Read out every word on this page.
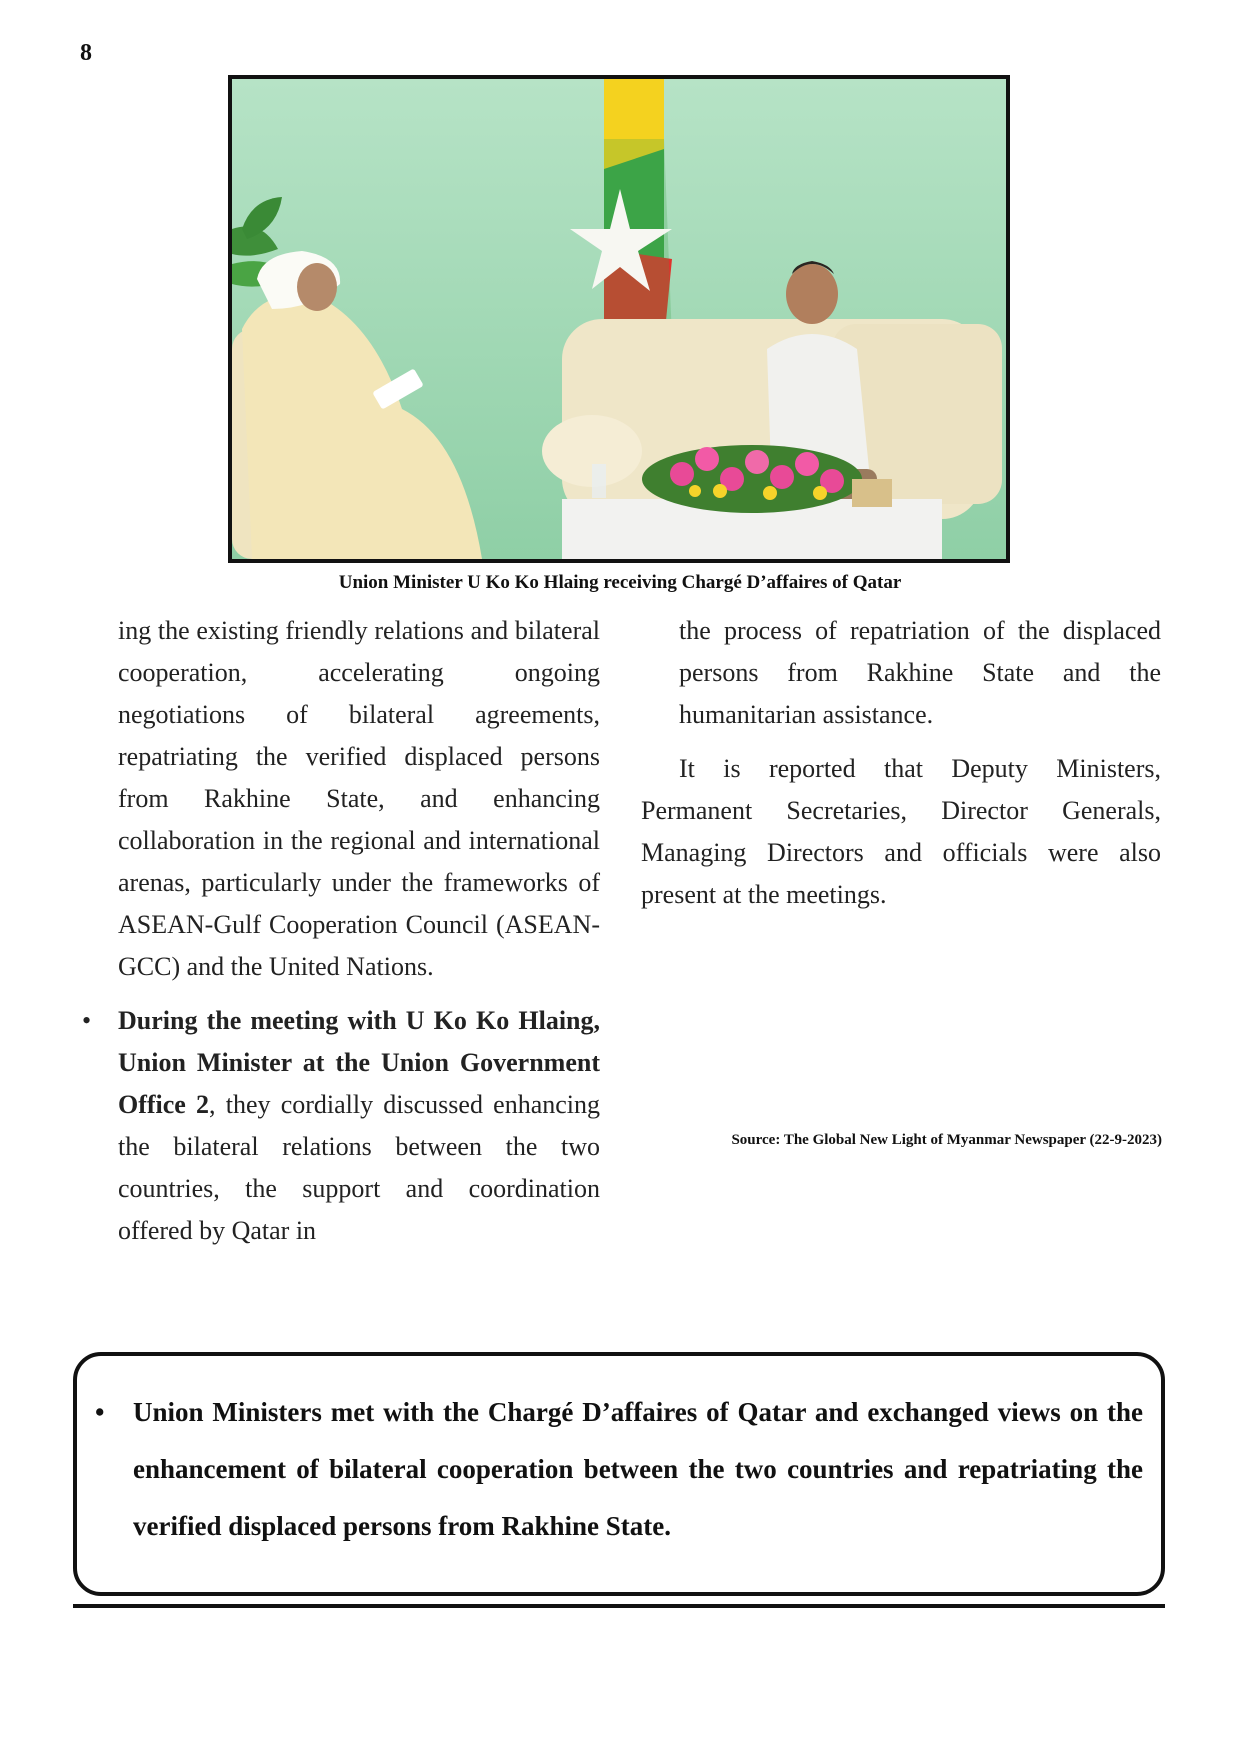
8
Union Minister U Ko Ko Hlaing receiving Chargé D’affaires of Qatar

ing the existing friendly relations and bilateral cooperation, accelerating ongoing negotiations of bilateral agreements, repatriating the verified displaced persons from Rakhine State, and enhancing collaboration in the regional and international arenas, particularly under the frameworks of ASEAN-Gulf Cooperation Council (ASEAN-GCC) and the United Nations.

• During the meeting with U Ko Ko Hlaing, Union Minister at the Union Government Office 2, they cordially discussed enhancing the bilateral relations between the two countries, the support and coordination offered by Qatar in

the process of repatriation of the displaced persons from Rakhine State and the humanitarian assistance.

It is reported that Deputy Ministers, Permanent Secretaries, Director Generals, Managing Directors and officials were also present at the meetings.

Source: The Global New Light of Myanmar Newspaper (22-9-2023)

• Union Ministers met with the Chargé D’affaires of Qatar and exchanged views on the enhancement of bilateral cooperation between the two countries and repatriating the verified displaced persons from Rakhine State.
